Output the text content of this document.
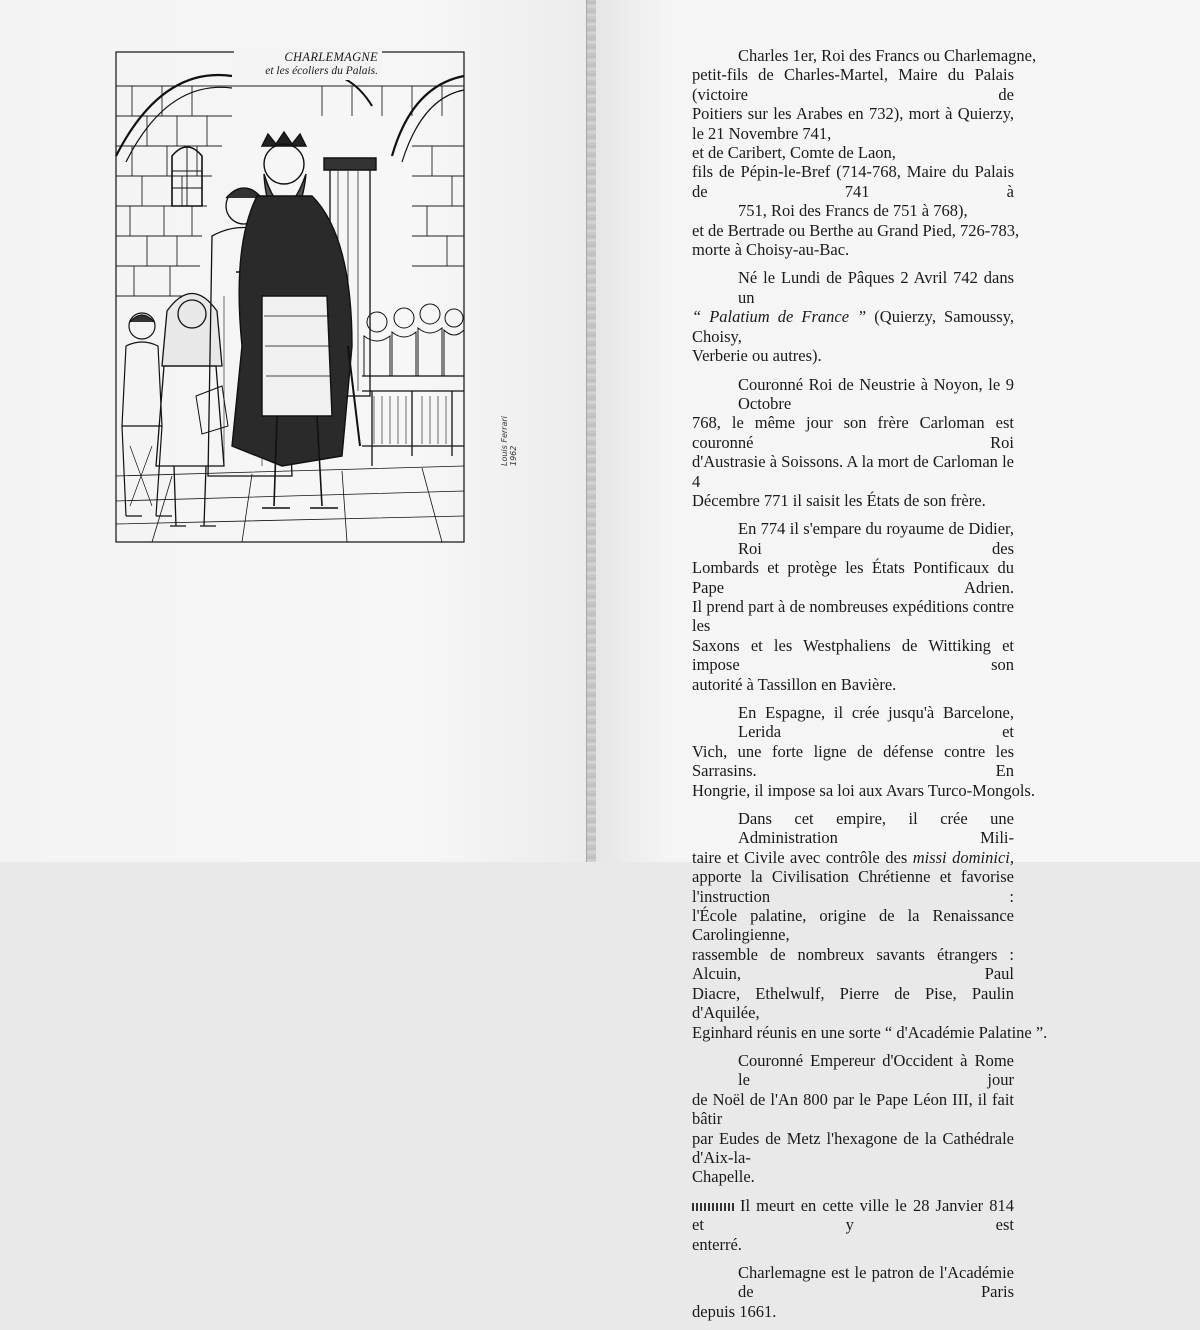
Louis Ferrari 1962
CHARLEMAGNE
et les écoliers du Palais.
Charles 1er, Roi des Francs ou Charlemagne,
petit-fils de Charles-Martel, Maire du Palais (victoire de
Poitiers sur les Arabes en 732), mort à Quierzy,
le 21 Novembre 741,
et de Caribert, Comte de Laon,
fils de Pépin-le-Bref (714-768, Maire du Palais de 741 à
751, Roi des Francs de 751 à 768),
et de Bertrade ou Berthe au Grand Pied, 726-783,
morte à Choisy-au-Bac.
Né le Lundi de Pâques 2 Avril 742 dans un
“ Palatium de France ” (Quierzy, Samoussy, Choisy,
Verberie ou autres).
Couronné Roi de Neustrie à Noyon, le 9 Octobre
768, le même jour son frère Carloman est couronné Roi
d'Austrasie à Soissons. A la mort de Carloman le 4
Décembre 771 il saisit les États de son frère.
En 774 il s'empare du royaume de Didier, Roi des
Lombards et protège les États Pontificaux du Pape Adrien.
Il prend part à de nombreuses expéditions contre les
Saxons et les Westphaliens de Wittiking et impose son
autorité à Tassillon en Bavière.
En Espagne, il crée jusqu'à Barcelone, Lerida et
Vich, une forte ligne de défense contre les Sarrasins. En
Hongrie, il impose sa loi aux Avars Turco-Mongols.
Dans cet empire, il crée une Administration Mili-
taire et Civile avec contrôle des missi dominici,
apporte la Civilisation Chrétienne et favorise l'instruction :
l'École palatine, origine de la Renaissance Carolingienne,
rassemble de nombreux savants étrangers : Alcuin, Paul
Diacre, Ethelwulf, Pierre de Pise, Paulin d'Aquilée,
Eginhard réunis en une sorte “ d'Académie Palatine ”.
Couronné Empereur d'Occident à Rome le jour
de Noël de l'An 800 par le Pape Léon III, il fait bâtir
par Eudes de Metz l'hexagone de la Cathédrale d'Aix-la-
Chapelle.
Il meurt en cette ville le 28 Janvier 814 et y est
enterré.
Charlemagne est le patron de l'Académie de Paris
depuis 1661.
